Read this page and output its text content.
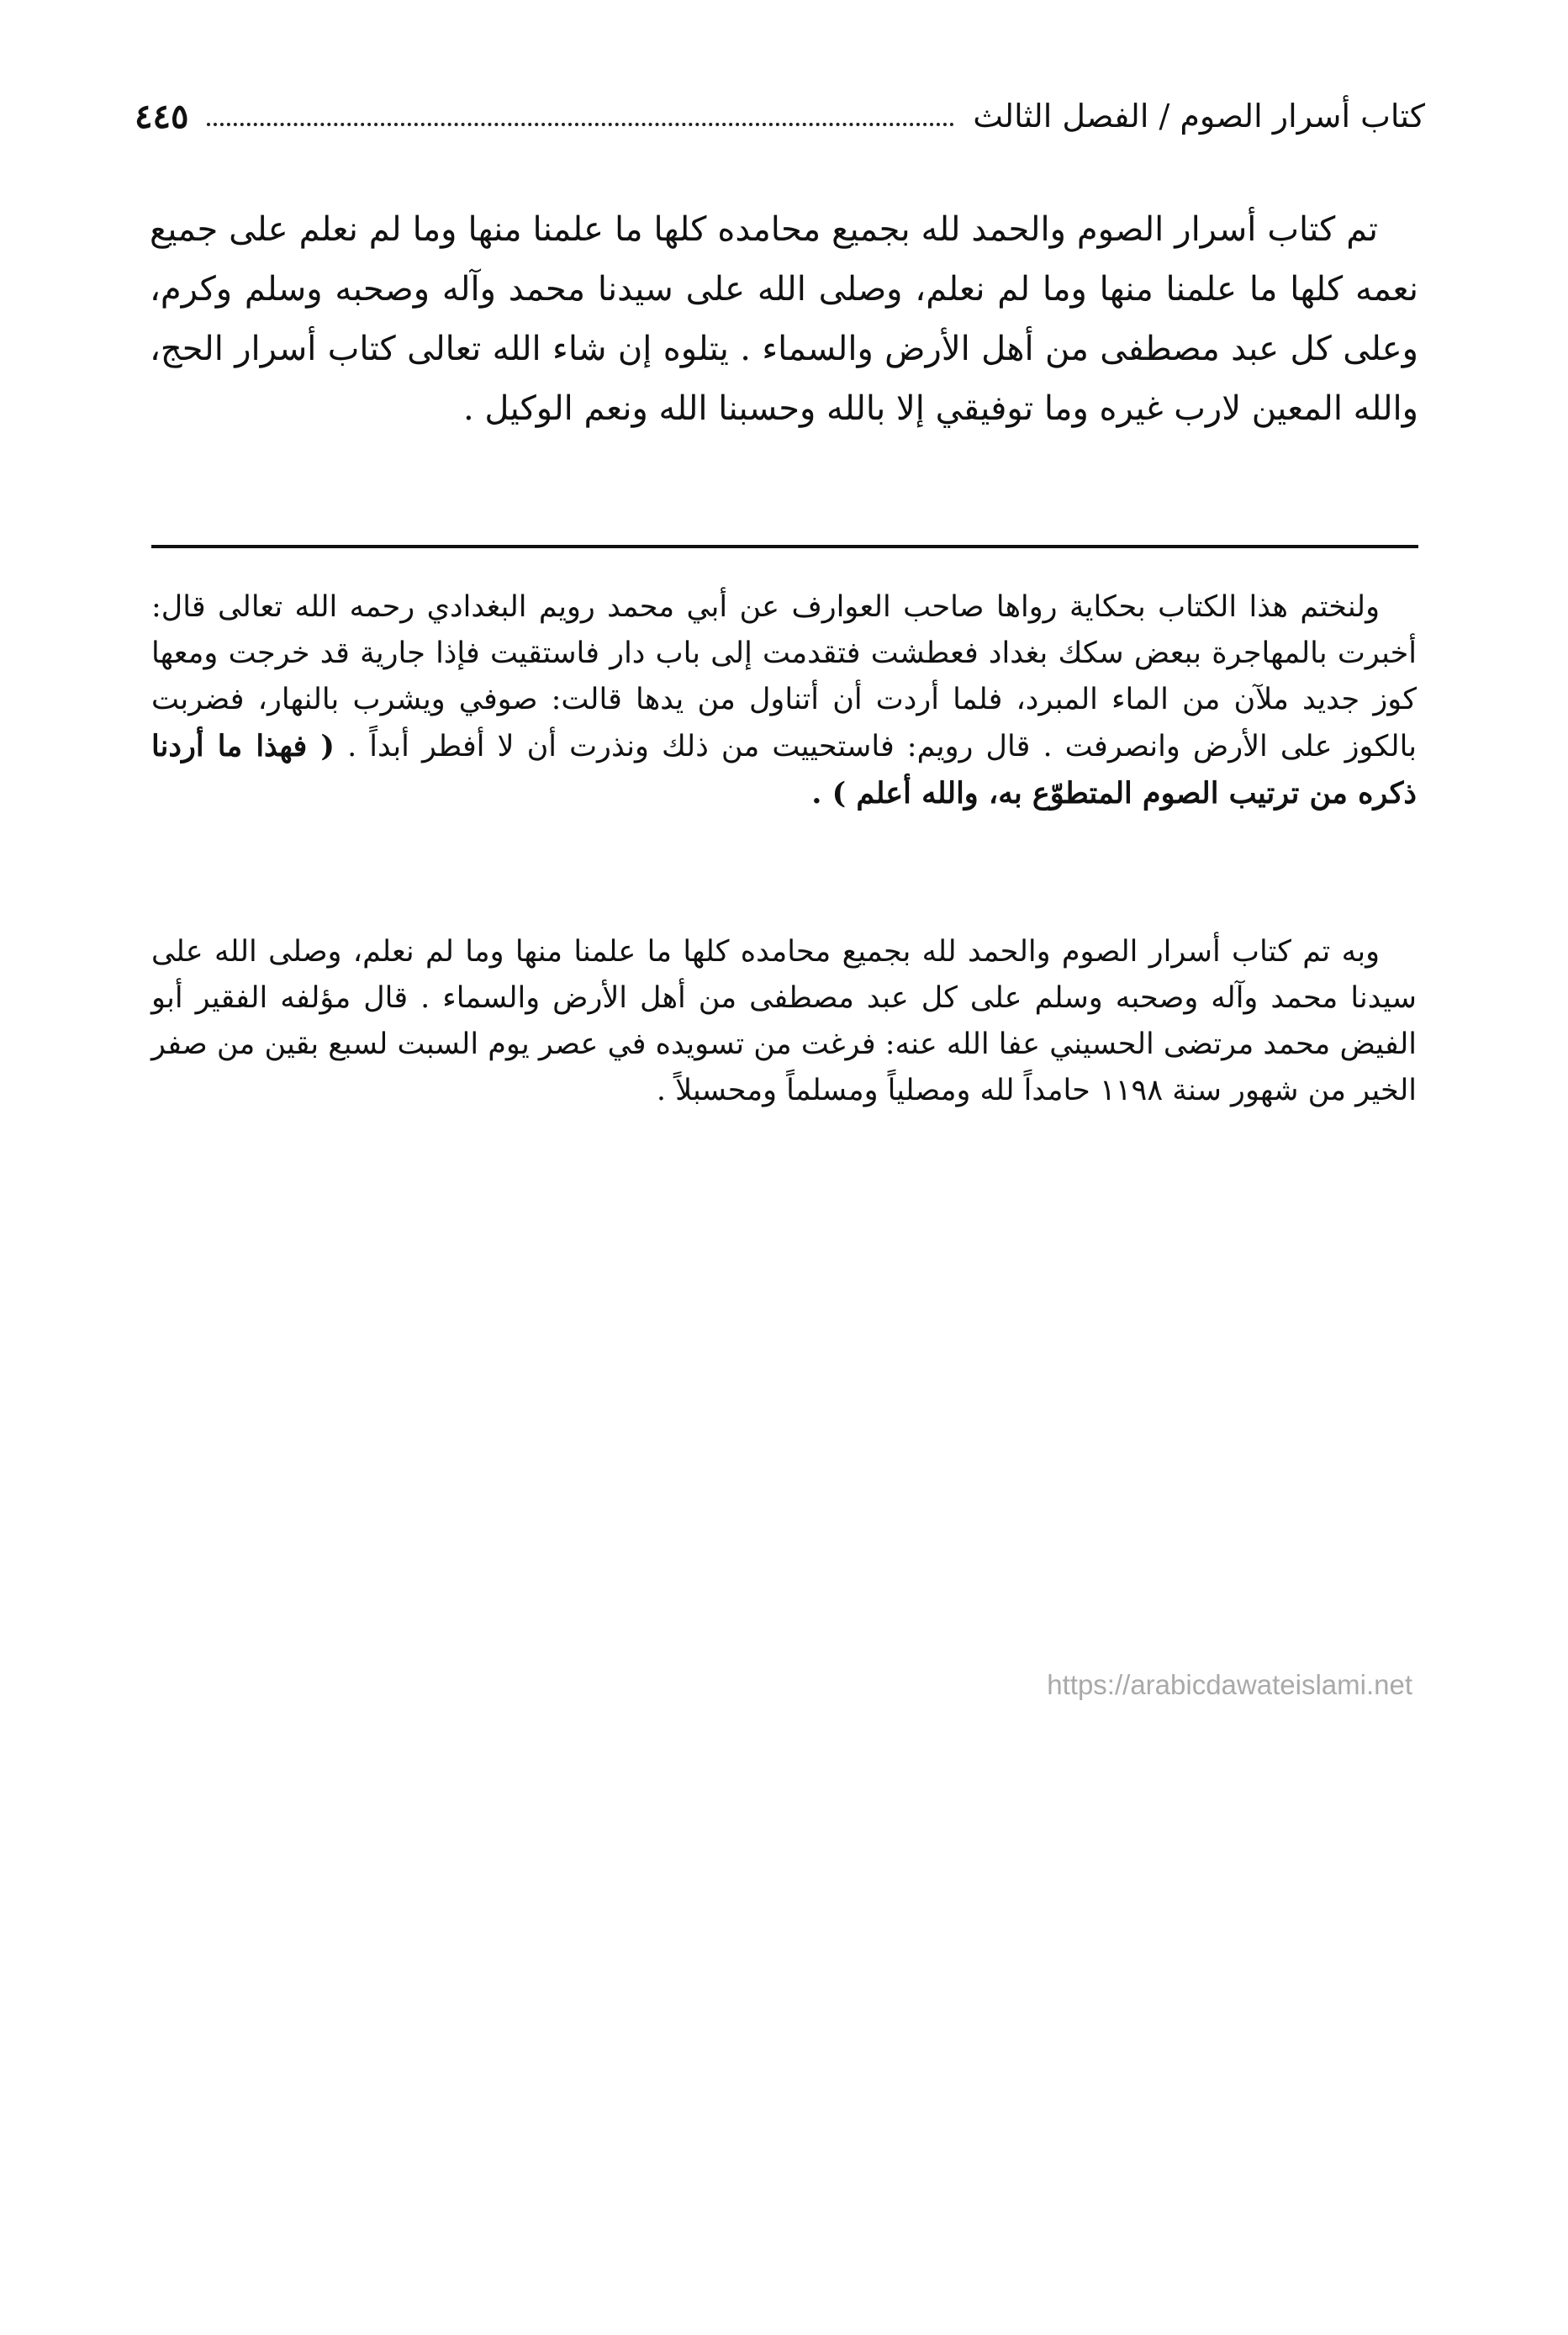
كتاب أسرار الصوم / الفصل الثالث
٤٤٥

تم كتاب أسرار الصوم والحمد لله بجميع محامده كلها ما علمنا منها وما لم نعلم على جميع نعمه كلها ما علمنا منها وما لم نعلم، وصلى الله على سيدنا محمد وآله وصحبه وسلم وكرم، وعلى كل عبد مصطفى من أهل الأرض والسماء . يتلوه إن شاء الله تعالى كتاب أسرار الحج، والله المعين لارب غيره وما توفيقي إلا بالله وحسبنا الله ونعم الوكيل .

ولنختم هذا الكتاب بحكاية رواها صاحب العوارف عن أبي محمد رويم البغدادي رحمه الله تعالى قال: أخبرت بالمهاجرة ببعض سكك بغداد فعطشت فتقدمت إلى باب دار فاستقيت فإذا جارية قد خرجت ومعها كوز جديد ملآن من الماء المبرد، فلما أردت أن أتناول من يدها قالت: صوفي ويشرب بالنهار، فضربت بالكوز على الأرض وانصرفت . قال رويم: فاستحييت من ذلك ونذرت أن لا أفطر أبداً . ( فهذا ما أردنا ذكره من ترتيب الصوم المتطوّع به، والله أعلم ) .

وبه تم كتاب أسرار الصوم والحمد لله بجميع محامده كلها ما علمنا منها وما لم نعلم، وصلى الله على سيدنا محمد وآله وصحبه وسلم على كل عبد مصطفى من أهل الأرض والسماء . قال مؤلفه الفقير أبو الفيض محمد مرتضى الحسيني عفا الله عنه: فرغت من تسويده في عصر يوم السبت لسبع بقين من صفر الخير من شهور سنة ١١٩٨ حامداً لله ومصلياً ومسلماً ومحسبلاً .

https://arabicdawateislami.net
